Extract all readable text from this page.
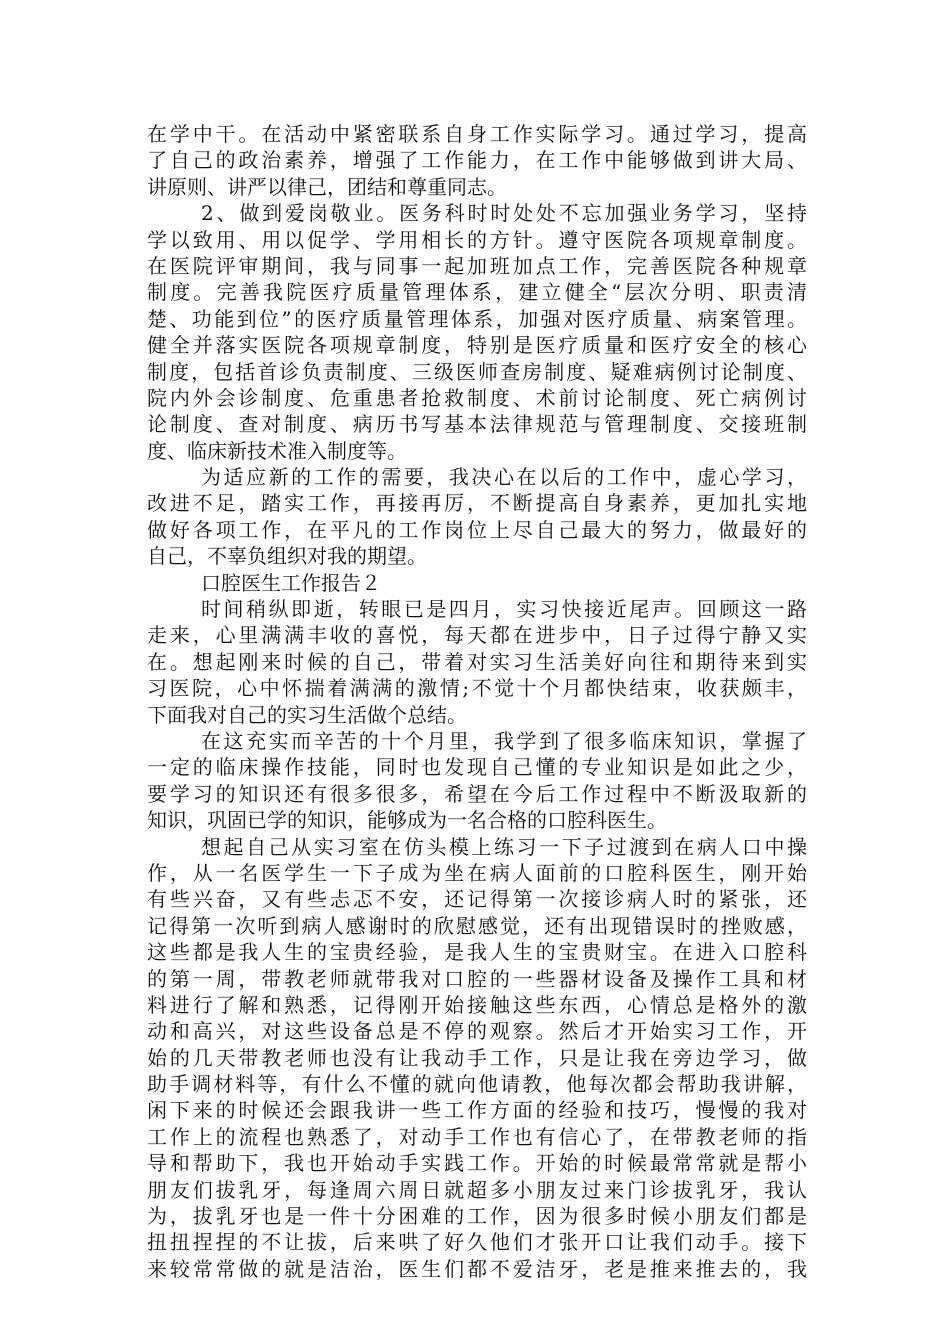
在学中干。在活动中紧密联系自身工作实际学习。通过学习，提高
了自己的政治素养，增强了工作能力，在工作中能够做到讲大局、
讲原则、讲严以律己，团结和尊重同志。
2、做到爱岗敬业。医务科时时处处不忘加强业务学习，坚持
学以致用、用以促学、学用相长的方针。遵守医院各项规章制度。
在医院评审期间，我与同事一起加班加点工作，完善医院各种规章
制度。完善我院医疗质量管理体系，建立健全“层次分明、职责清
楚、功能到位”的医疗质量管理体系，加强对医疗质量、病案管理。
健全并落实医院各项规章制度，特别是医疗质量和医疗安全的核心
制度，包括首诊负责制度、三级医师查房制度、疑难病例讨论制度、
院内外会诊制度、危重患者抢救制度、术前讨论制度、死亡病例讨
论制度、查对制度、病历书写基本法律规范与管理制度、交接班制
度、临床新技术准入制度等。
为适应新的工作的需要，我决心在以后的工作中，虚心学习，
改进不足，踏实工作，再接再厉，不断提高自身素养，更加扎实地
做好各项工作，在平凡的工作岗位上尽自己最大的努力，做最好的
自己，不辜负组织对我的期望。
口腔医生工作报告２
时间稍纵即逝，转眼已是四月，实习快接近尾声。回顾这一路
走来，心里满满丰收的喜悦，每天都在进步中，日子过得宁静又实
在。想起刚来时候的自己，带着对实习生活美好向往和期待来到实
习医院，心中怀揣着满满的激情;不觉十个月都快结束，收获颇丰，
下面我对自己的实习生活做个总结。
在这充实而辛苦的十个月里，我学到了很多临床知识，掌握了
一定的临床操作技能，同时也发现自己懂的专业知识是如此之少，
要学习的知识还有很多很多，希望在今后工作过程中不断汲取新的
知识，巩固已学的知识，能够成为一名合格的口腔科医生。
想起自己从实习室在仿头模上练习一下子过渡到在病人口中操
作，从一名医学生一下子成为坐在病人面前的口腔科医生，刚开始
有些兴奋，又有些忐忑不安，还记得第一次接诊病人时的紧张，还
记得第一次听到病人感谢时的欣慰感觉，还有出现错误时的挫败感，
这些都是我人生的宝贵经验，是我人生的宝贵财宝。在进入口腔科
的第一周，带教老师就带我对口腔的一些器材设备及操作工具和材
料进行了解和熟悉，记得刚开始接触这些东西，心情总是格外的激
动和高兴，对这些设备总是不停的观察。然后才开始实习工作，开
始的几天带教老师也没有让我动手工作，只是让我在旁边学习，做
助手调材料等，有什么不懂的就向他请教，他每次都会帮助我讲解，
闲下来的时候还会跟我讲一些工作方面的经验和技巧，慢慢的我对
工作上的流程也熟悉了，对动手工作也有信心了，在带教老师的指
导和帮助下，我也开始动手实践工作。开始的时候最常常就是帮小
朋友们拔乳牙，每逢周六周日就超多小朋友过来门诊拔乳牙，我认
为，拔乳牙也是一件十分困难的工作，因为很多时候小朋友们都是
扭扭捏捏的不让拔，后来哄了好久他们才张开口让我们动手。接下
来较常常做的就是洁治，医生们都不爱洁牙，老是推来推去的，我
